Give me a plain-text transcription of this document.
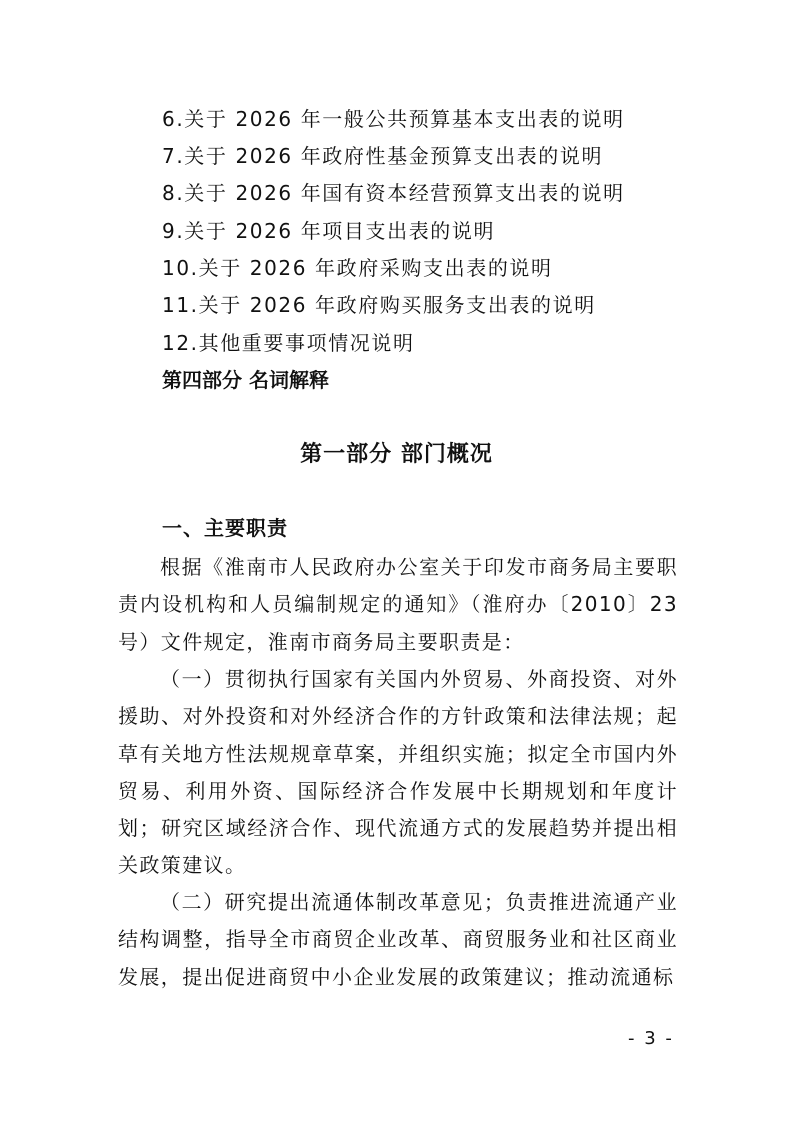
6.关于 2026 年一般公共预算基本支出表的说明
7.关于 2026 年政府性基金预算支出表的说明
8.关于 2026 年国有资本经营预算支出表的说明
9.关于 2026 年项目支出表的说明
10.关于 2026 年政府采购支出表的说明
11.关于 2026 年政府购买服务支出表的说明
12.其他重要事项情况说明
第四部分 名词解释
第一部分 部门概况
一、主要职责

根据《淮南市人民政府办公室关于印发市商务局主要职责内设机构和人员编制规定的通知》（淮府办〔2010〕23 号）文件规定，淮南市商务局主要职责是：

（一）贯彻执行国家有关国内外贸易、外商投资、对外援助、对外投资和对外经济合作的方针政策和法律法规；起草有关地方性法规规章草案，并组织实施；拟定全市国内外贸易、利用外资、国际经济合作发展中长期规划和年度计划；研究区域经济合作、现代流通方式的发展趋势并提出相关政策建议。

（二）研究提出流通体制改革意见；负责推进流通产业结构调整，指导全市商贸企业改革、商贸服务业和社区商业发展，提出促进商贸中小企业发展的政策建议；推动流通标

- 3 -
